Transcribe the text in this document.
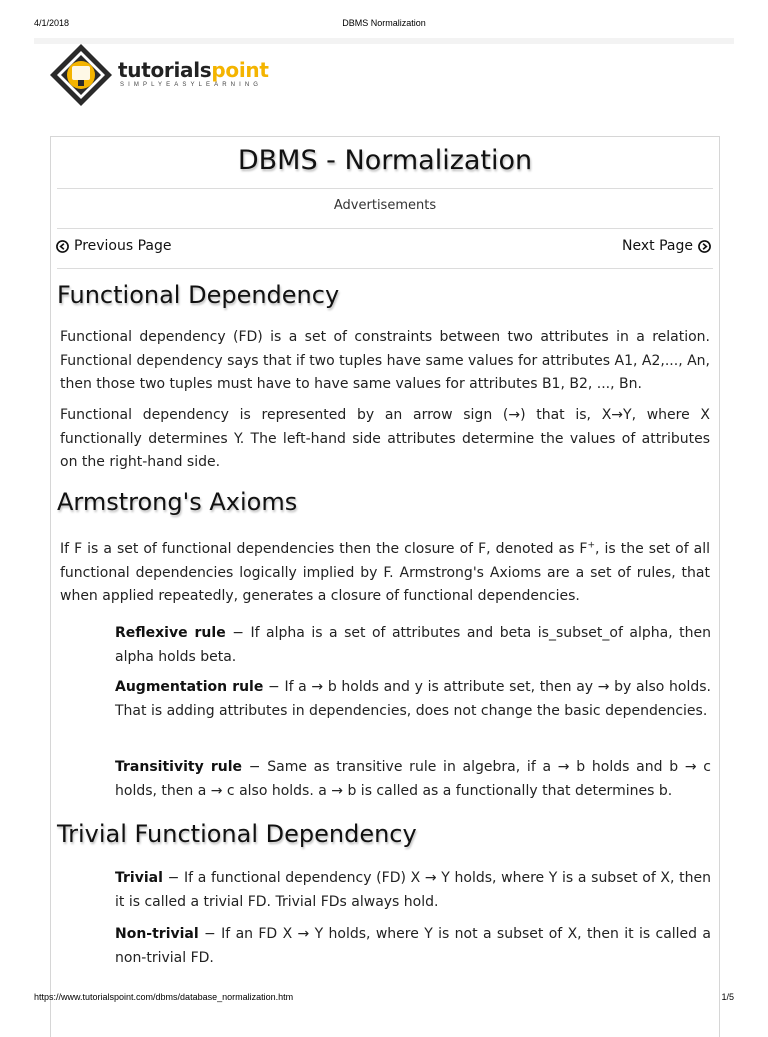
4/1/2018	DBMS Normalization
tutorialspoint
SIMPLYEASYLEARNING
DBMS - Normalization
Advertisements
Previous Page	Next Page
Functional Dependency

Functional dependency (FD) is a set of constraints between two attributes in a relation. Functional dependency says that if two tuples have same values for attributes A1, A2,..., An, then those two tuples must have to have same values for attributes B1, B2, ..., Bn.

Functional dependency is represented by an arrow sign (→) that is, X→Y, where X functionally determines Y. The left-hand side attributes determine the values of attributes on the right-hand side.

Armstrong's Axioms

If F is a set of functional dependencies then the closure of F, denoted as F+, is the set of all functional dependencies logically implied by F. Armstrong's Axioms are a set of rules, that when applied repeatedly, generates a closure of functional dependencies.

Reflexive rule − If alpha is a set of attributes and beta is_subset_of alpha, then alpha holds beta.

Augmentation rule − If a → b holds and y is attribute set, then ay → by also holds. That is adding attributes in dependencies, does not change the basic dependencies.

Transitivity rule − Same as transitive rule in algebra, if a → b holds and b → c holds, then a → c also holds. a → b is called as a functionally that determines b.

Trivial Functional Dependency

Trivial − If a functional dependency (FD) X → Y holds, where Y is a subset of X, then it is called a trivial FD. Trivial FDs always hold.

Non-trivial − If an FD X → Y holds, where Y is not a subset of X, then it is called a non-trivial FD.

https://www.tutorialspoint.com/dbms/database_normalization.htm	1/5
